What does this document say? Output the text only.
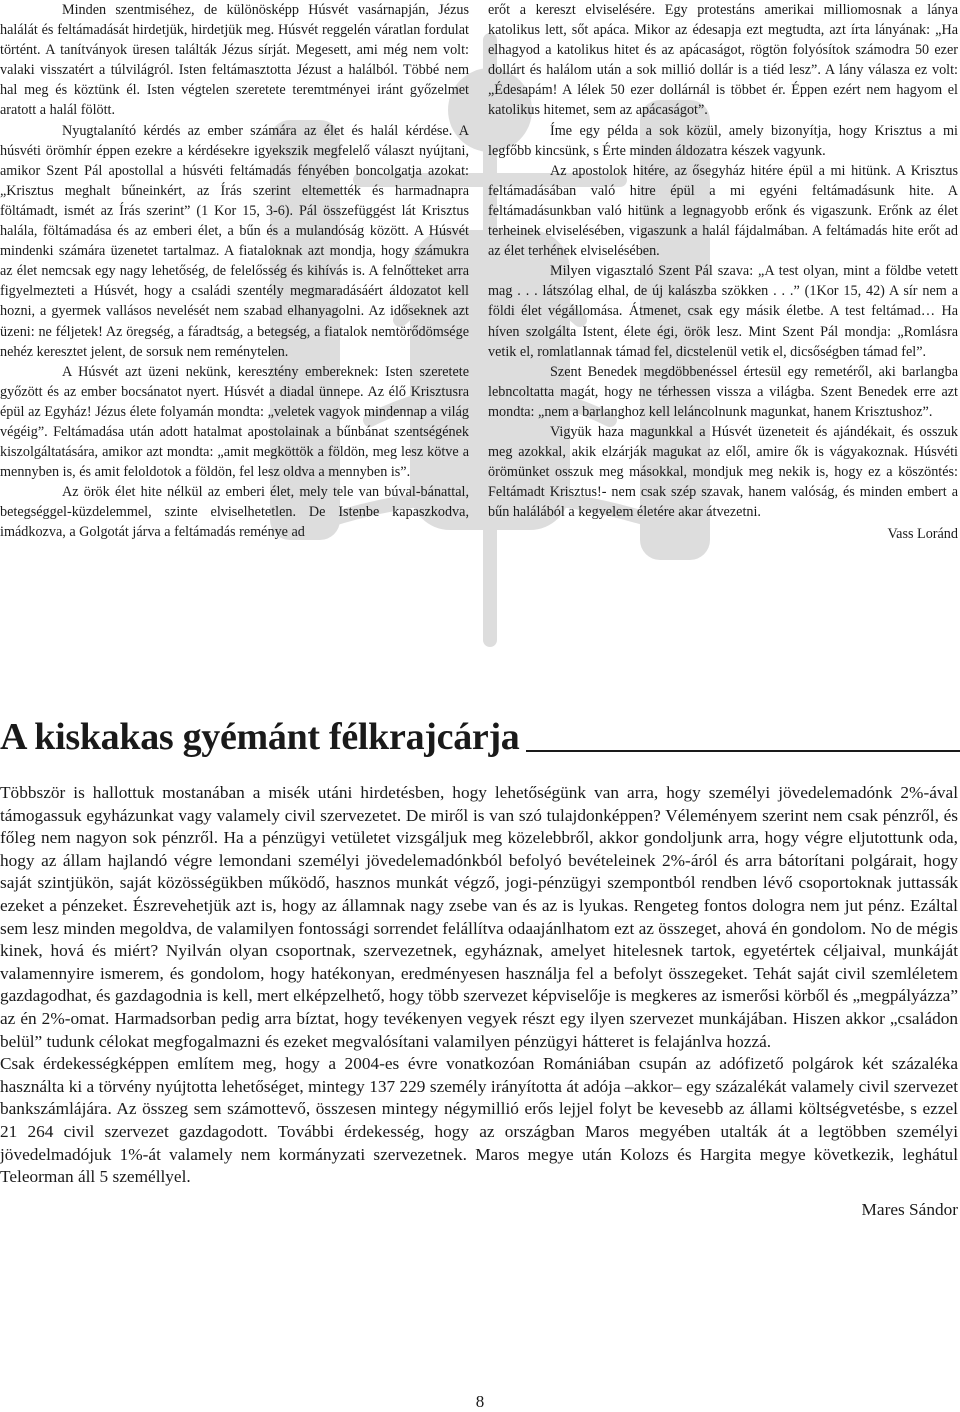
Minden szentmiséhez, de különösképp Húsvét vasárnapján, Jézus halálát és feltámadását hirdetjük, hirdetjük meg. Húsvét reggelén váratlan fordulat történt. A tanítványok üresen találták Jézus sírját. Megesett, ami még nem volt: valaki visszatért a túlvilágról. Isten feltámasztotta Jézust a halálból. Többé nem hal meg és köztünk él. Isten végtelen szeretete teremtményei iránt győzelmet aratott a halál fölött.

Nyugtalanító kérdés az ember számára az élet és halál kérdése. A húsvéti örömhír éppen ezekre a kérdésekre igyekszik megfelelő választ nyújtani, amikor Szent Pál apostollal a húsvéti feltámadás fényében boncolgatja azokat: „Krisztus meghalt bűneinkért, az Írás szerint eltemették és harmadnapra föltámadt, ismét az Írás szerint” (1 Kor 15, 3-6). Pál összefüggést lát Krisztus halála, föltámadása és az emberi élet, a bűn és a mulandóság között. A Húsvét mindenki számára üzenetet tartalmaz. A fiataloknak azt mondja, hogy számukra az élet nemcsak egy nagy lehetőség, de felelősség és kihívás is. A felnőtteket arra figyelmezteti a Húsvét, hogy a családi szentély megmaradásáért áldozatot kell hozni, a gyermek vallásos nevelését nem szabad elhanyagolni. Az időseknek azt üzeni: ne féljetek! Az öregség, a fáradtság, a betegség, a fiatalok nemtörődömsége nehéz keresztet jelent, de sorsuk nem reménytelen.

A Húsvét azt üzeni nekünk, keresztény embereknek: Isten szeretete győzött és az ember bocsánatot nyert. Húsvét a diadal ünnepe. Az élő Krisztusra épül az Egyház! Jézus élete folyamán mondta: „veletek vagyok mindennap a világ végéig”. Feltámadása után adott hatalmat apostolainak a bűnbánat szentségének kiszolgáltatására, amikor azt mondta: „amit megköttök a földön, meg lesz kötve a mennyben is, és amit feloldotok a földön, fel lesz oldva a mennyben is”.

Az örök élet hite nélkül az emberi élet, mely tele van búval-bánattal, betegséggel-küzdelemmel, szinte elviselhetetlen. De Istenbe kapaszkodva, imádkozva, a Golgotát járva a feltámadás reménye ad

erőt a kereszt elviselésére. Egy protestáns amerikai milliomosnak a lánya katolikus lett, sőt apáca. Mikor az édesapja ezt megtudta, azt írta lányának: „Ha elhagyod a katolikus hitet és az apácaságot, rögtön folyósítok számodra 50 ezer dollárt és halálom után a sok millió dollár is a tiéd lesz”. A lány válasza ez volt: „Édesapám! A lélek 50 ezer dollárnál is többet ér. Éppen ezért nem hagyom el katolikus hitemet, sem az apácaságot”.

Íme egy példa a sok közül, amely bizonyítja, hogy Krisztus a mi legfőbb kincsünk, s Érte minden áldozatra készek vagyunk.

Az apostolok hitére, az ősegyház hitére épül a mi hitünk. A Krisztus feltámadásában való hitre épül a mi egyéni feltámadásunk hite. A feltámadásunkban való hitünk a legnagyobb erőnk és vigaszunk. Erőnk az élet terheinek elviselésében, vigaszunk a halál fájdalmában. A feltámadás hite erőt ad az élet terhének elviselésében.

Milyen vigasztaló Szent Pál szava: „A test olyan, mint a földbe vetett mag . . . látszólag elhal, de új kalászba szökken . . .” (1Kor 15, 42) A sír nem a földi élet végállomása. Átmenet, csak egy másik életbe. A test feltámad… Ha híven szolgálta Istent, élete égi, örök lesz. Mint Szent Pál mondja: „Romlásra vetik el, romlatlannak támad fel, dicstelenül vetik el, dicsőségben támad fel”.

Szent Benedek megdöbbenéssel értesül egy remetéről, aki barlangba lebncoltatta magát, hogy ne térhessen vissza a világba. Szent Benedek erre azt mondta: „nem a barlanghoz kell leláncolnunk magunkat, hanem Krisztushoz”.

Vigyük haza magunkkal a Húsvét üzeneteit és ajándékait, és osszuk meg azokkal, akik elzárják magukat az elől, amire ők is vágyakoznak. Húsvéti örömünket osszuk meg másokkal, mondjuk meg nekik is, hogy ez a köszöntés: Feltámadt Krisztus!- nem csak szép szavak, hanem valóság, és minden embert a bűn halálából a kegyelem életére akar átvezetni.

Vass Loránd

A kiskakas gyémánt félkrajcárja

Többször is hallottuk mostanában a misék utáni hirdetésben, hogy lehetőségünk van arra, hogy személyi jövedelemadónk 2%-ával támogassuk egyházunkat vagy valamely civil szervezetet. De miről is van szó tulajdonképpen? Véleményem szerint nem csak pénzről, és főleg nem nagyon sok pénzről. Ha a pénzügyi vetületet vizsgáljuk meg közelebbről, akkor gondoljunk arra, hogy végre eljutottunk oda, hogy az állam hajlandó végre lemondani személyi jövedelemadónkból befolyó bevételeinek 2%-áról és arra bátorítani polgárait, hogy saját szintjükön, saját közösségükben működő, hasznos munkát végző, jogi-pénzügyi szempontból rendben lévő csoportoknak juttassák ezeket a pénzeket. Észrevehetjük azt is, hogy az államnak nagy zsebe van és az is lyukas. Rengeteg fontos dologra nem jut pénz. Ezáltal sem lesz minden megoldva, de valamilyen fontossági sorrendet felállítva odaajánlhatom ezt az összeget, ahová én gondolom. No de mégis kinek, hová és miért? Nyilván olyan csoportnak, szervezetnek, egyháznak, amelyet hitelesnek tartok, egyetértek céljaival, munkáját valamennyire ismerem, és gondolom, hogy hatékonyan, eredményesen használja fel a befolyt összegeket. Tehát saját civil szemléletem gazdagodhat, és gazdagodnia is kell, mert elképzelhető, hogy több szervezet képviselője is megkeres az ismerősi körből és „megpályázza” az én 2%-omat. Harmadsorban pedig arra bíztat, hogy tevékenyen vegyek részt egy ilyen szervezet munkájában. Hiszen akkor „családon belül” tudunk célokat megfogalmazni és ezeket megvalósítani valamilyen pénzügyi hátteret is felajánlva hozzá.

Csak érdekességképpen említem meg, hogy a 2004-es évre vonatkozóan Romániában csupán az adófizető polgárok két százaléka használta ki a törvény nyújtotta lehetőséget, mintegy 137 229 személy irányította át adója –akkor– egy százalékát valamely civil szervezet bankszámlájára. Az összeg sem számottevő, összesen mintegy négymillió erős lejjel folyt be kevesebb az állami költségvetésbe, s ezzel 21 264 civil szervezet gazdagodott. További érdekesség, hogy az országban Maros megyében utalták át a legtöbben személyi jövedelmadójuk 1%-át valamely nem kormányzati szervezetnek. Maros megye után Kolozs és Hargita megye következik, leghátul Teleorman áll 5 személlyel.

Mares Sándor

8
